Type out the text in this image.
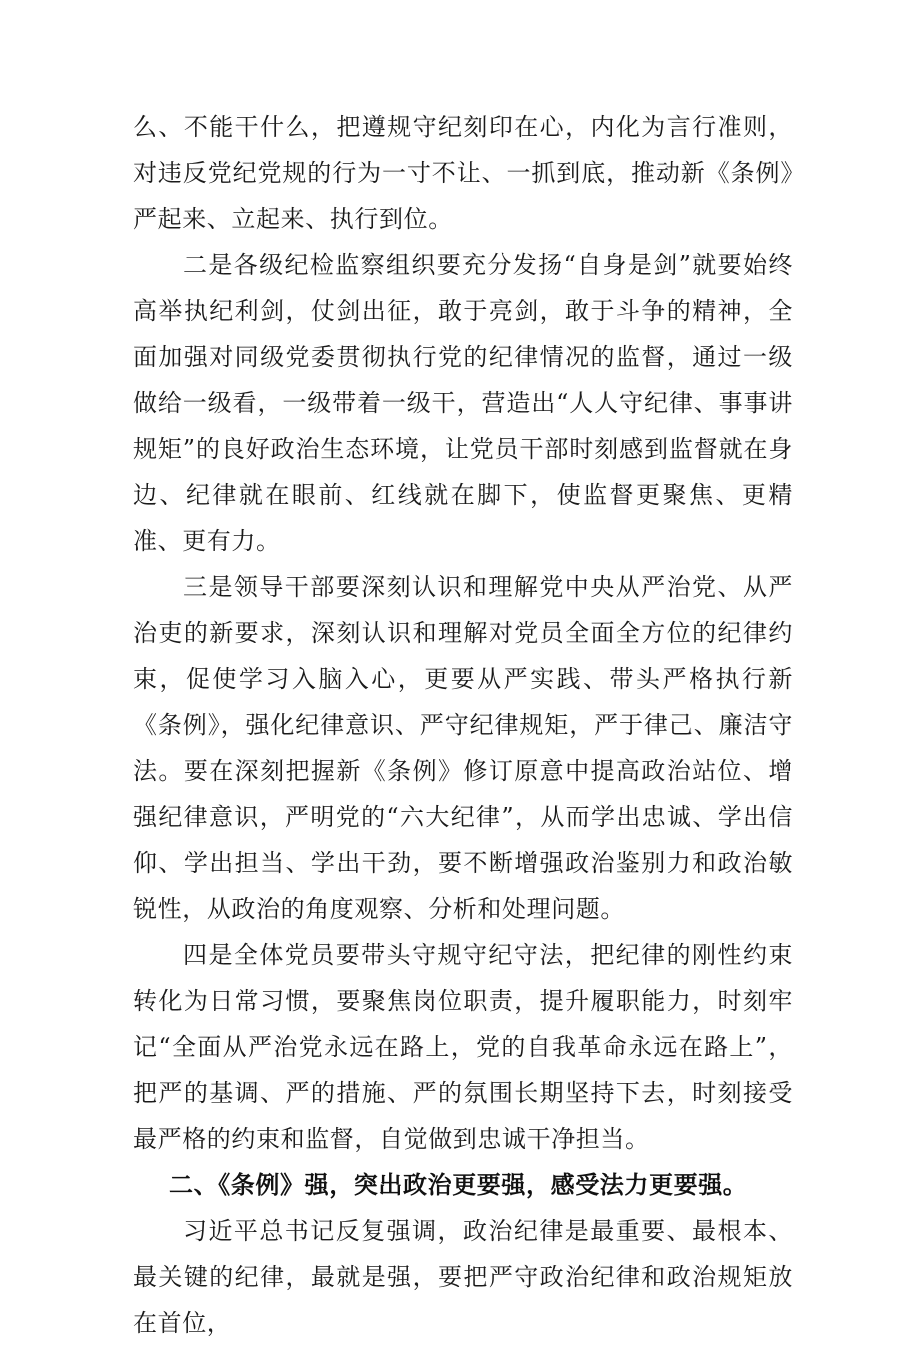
么、不能干什么，把遵规守纪刻印在心，内化为言行准则，对违反党纪党规的行为一寸不让、一抓到底，推动新《条例》严起来、立起来、执行到位。

二是各级纪检监察组织要充分发扬“自身是剑”就要始终高举执纪利剑，仗剑出征，敢于亮剑，敢于斗争的精神，全面加强对同级党委贯彻执行党的纪律情况的监督，通过一级做给一级看，一级带着一级干，营造出“人人守纪律、事事讲规矩”的良好政治生态环境，让党员干部时刻感到监督就在身边、纪律就在眼前、红线就在脚下，使监督更聚焦、更精准、更有力。

三是领导干部要深刻认识和理解党中央从严治党、从严治吏的新要求，深刻认识和理解对党员全面全方位的纪律约束，促使学习入脑入心，更要从严实践、带头严格执行新《条例》，强化纪律意识、严守纪律规矩，严于律己、廉洁守法。要在深刻把握新《条例》修订原意中提高政治站位、增强纪律意识，严明党的“六大纪律”，从而学出忠诚、学出信仰、学出担当、学出干劲，要不断增强政治鉴别力和政治敏锐性，从政治的角度观察、分析和处理问题。

四是全体党员要带头守规守纪守法，把纪律的刚性约束转化为日常习惯，要聚焦岗位职责，提升履职能力，时刻牢记“全面从严治党永远在路上，党的自我革命永远在路上”，把严的基调、严的措施、严的氛围长期坚持下去，时刻接受最严格的约束和监督，自觉做到忠诚干净担当。

二、《条例》强，突出政治更要强，感受法力更要强。

习近平总书记反复强调，政治纪律是最重要、最根本、最关键的纪律，最就是强，要把严守政治纪律和政治规矩放在首位，
